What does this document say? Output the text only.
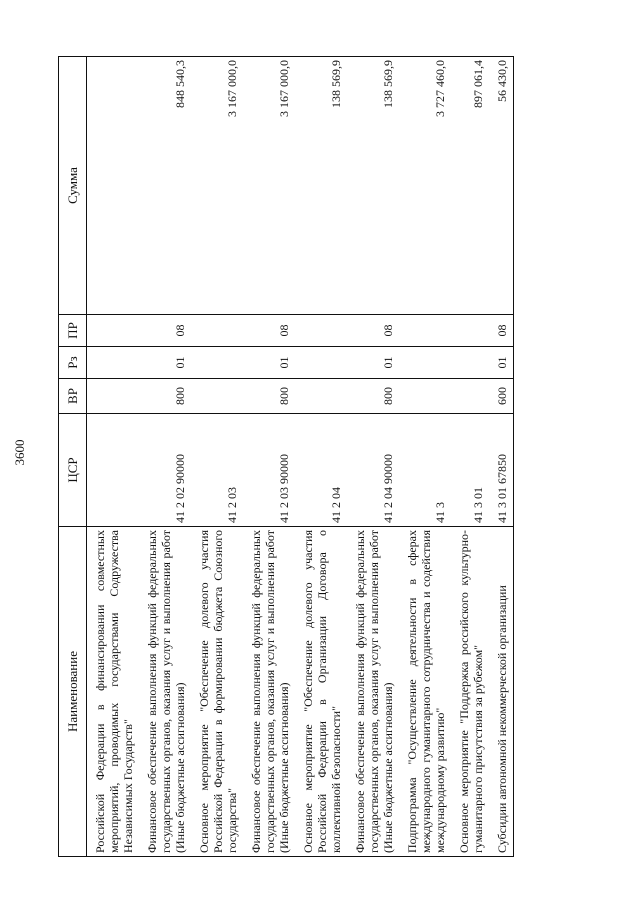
3600
Наименование	ЦСР	ВР	Рз	ПР	Сумма
Российской Федерации в финансировании совместных мероприятий, проводимых государствами Содружества Независимых Государств"					
Финансовое обеспечение выполнения функций федеральных государственных органов, оказания услуг и выполнения работ (Иные бюджетные ассигнования)	41 2 02 90000	800	01	08	848 540,3
Основное мероприятие "Обеспечение долевого участия Российской Федерации в формировании бюджета Союзного государства"	41 2 03				3 167 000,0
Финансовое обеспечение выполнения функций федеральных государственных органов, оказания услуг и выполнения работ (Иные бюджетные ассигнования)	41 2 03 90000	800	01	08	3 167 000,0
Основное мероприятие "Обеспечение долевого участия Российской Федерации в Организации Договора о коллективной безопасности"	41 2 04				138 569,9
Финансовое обеспечение выполнения функций федеральных государственных органов, оказания услуг и выполнения работ (Иные бюджетные ассигнования)	41 2 04 90000	800	01	08	138 569,9
Подпрограмма "Осуществление деятельности в сферах международного гуманитарного сотрудничества и содействия международному развитию"	41 3				3 727 460,0
Основное мероприятие "Поддержка российского культурно-гуманитарного присутствия за рубежом"	41 3 01				897 061,4
Субсидии автономной некоммерческой организации	41 3 01 67850	600	01	08	56 430,0
